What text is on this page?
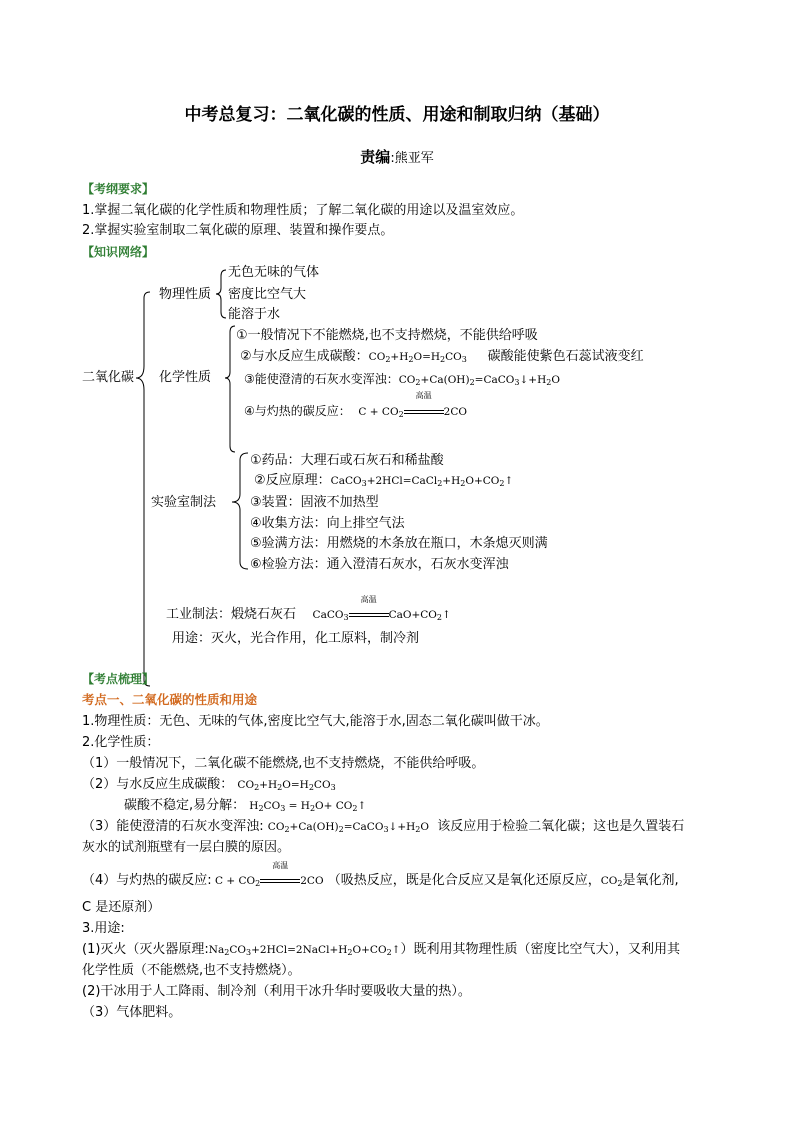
中考总复习：二氧化碳的性质、用途和制取归纳（基础）
责编:熊亚军
【考纲要求】
1.掌握二氧化碳的化学性质和物理性质；了解二氧化碳的用途以及温室效应。
2.掌握实验室制取二氧化碳的原理、装置和操作要点。
【知识网络】
二氧化碳
物理性质
无色无味的气体
密度比空气大
能溶于水
化学性质
①一般情况下不能燃烧,也不支持燃烧，不能供给呼吸
②与水反应生成碳酸：$CO_2+H_2O=H_2CO_3$ 碳酸能使紫色石蕊试液变红
③能使澄清的石灰水变浑浊：$CO_2+Ca(OH)_2=CaCO_3↓+H_2O$
④与灼热的碳反应： $C + CO_2$
高温
2CO
实验室制法
①药品：大理石或石灰石和稀盐酸
②反应原理：$CaCO_3+2HCl=CaCl_2+H_2O+CO_2↑$
③装置：固液不加热型
④收集方法：向上排空气法
⑤验满方法：用燃烧的木条放在瓶口，木条熄灭则满
⑥检验方法：通入澄清石灰水，石灰水变浑浊
工业制法：煅烧石灰石 CaCO$_3$
高温
$CaO+CO_2↑$
用途：灭火，光合作用，化工原料，制冷剂
【考点梳理】
考点一、二氧化碳的性质和用途
1.物理性质：无色、无味的气体,密度比空气大,能溶于水,固态二氧化碳叫做干冰。
2.化学性质：
（1）一般情况下，二氧化碳不能燃烧,也不支持燃烧，不能供给呼吸。
（2）与水反应生成碳酸： $CO_2+H_2O=H_2CO_3$
碳酸不稳定,易分解： $H_2CO_3 = H_2O+$ $CO_2↑$
（3）能使澄清的石灰水变浑浊: $CO_2+Ca(OH)_2=CaCO_3↓+H_2O$ 该反应用于检验二氧化碳；这也是久置装石
灰水的试剂瓶壁有一层白膜的原因。
（4）与灼热的碳反应: $C + CO_2$
高温
2CO （吸热反应，既是化合反应又是氧化还原反应，$CO_2$是氧化剂,
C 是还原剂）
3.用途:
(1)灭火（灭火器原理$:Na_2CO_3+2HCl=2NaCl+H_2O+CO_2↑$）既利用其物理性质（密度比空气大），又利用其
化学性质（不能燃烧,也不支持燃烧）。
(2)干冰用于人工降雨、制冷剂（利用干冰升华时要吸收大量的热）。
（3）气体肥料。
